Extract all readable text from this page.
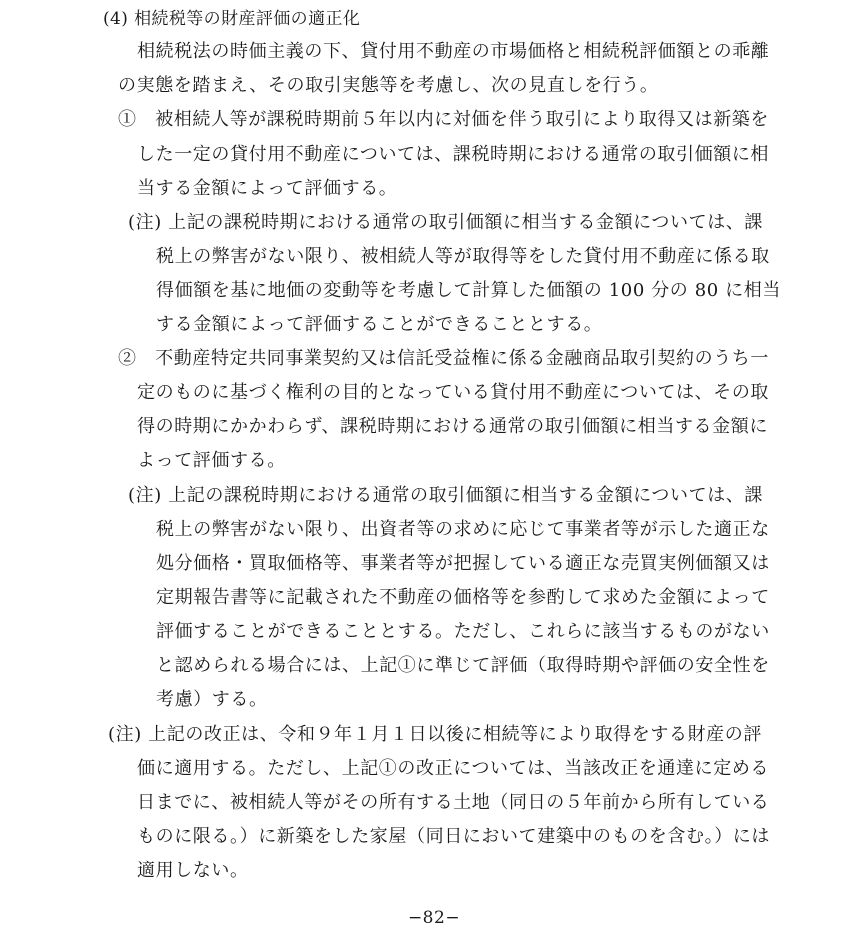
(4) 相続税等の財産評価の適正化
相続税法の時価主義の下、貸付用不動産の市場価格と相続税評価額との乖離
の実態を踏まえ、その取引実態等を考慮し、次の見直しを行う。
①　被相続人等が課税時期前５年以内に対価を伴う取引により取得又は新築を
した一定の貸付用不動産については、課税時期における通常の取引価額に相
当する金額によって評価する。
(注) 上記の課税時期における通常の取引価額に相当する金額については、課
税上の弊害がない限り、被相続人等が取得等をした貸付用不動産に係る取
得価額を基に地価の変動等を考慮して計算した価額の 100 分の 80 に相当
する金額によって評価することができることとする。
②　不動産特定共同事業契約又は信託受益権に係る金融商品取引契約のうち一
定のものに基づく権利の目的となっている貸付用不動産については、その取
得の時期にかかわらず、課税時期における通常の取引価額に相当する金額に
よって評価する。
(注) 上記の課税時期における通常の取引価額に相当する金額については、課
税上の弊害がない限り、出資者等の求めに応じて事業者等が示した適正な
処分価格・買取価格等、事業者等が把握している適正な売買実例価額又は
定期報告書等に記載された不動産の価格等を参酌して求めた金額によって
評価することができることとする。ただし、これらに該当するものがない
と認められる場合には、上記①に準じて評価（取得時期や評価の安全性を
考慮）する。
(注) 上記の改正は、令和９年１月１日以後に相続等により取得をする財産の評
価に適用する。ただし、上記①の改正については、当該改正を通達に定める
日までに、被相続人等がその所有する土地（同日の５年前から所有している
ものに限る。）に新築をした家屋（同日において建築中のものを含む。）には
適用しない。
−82−
